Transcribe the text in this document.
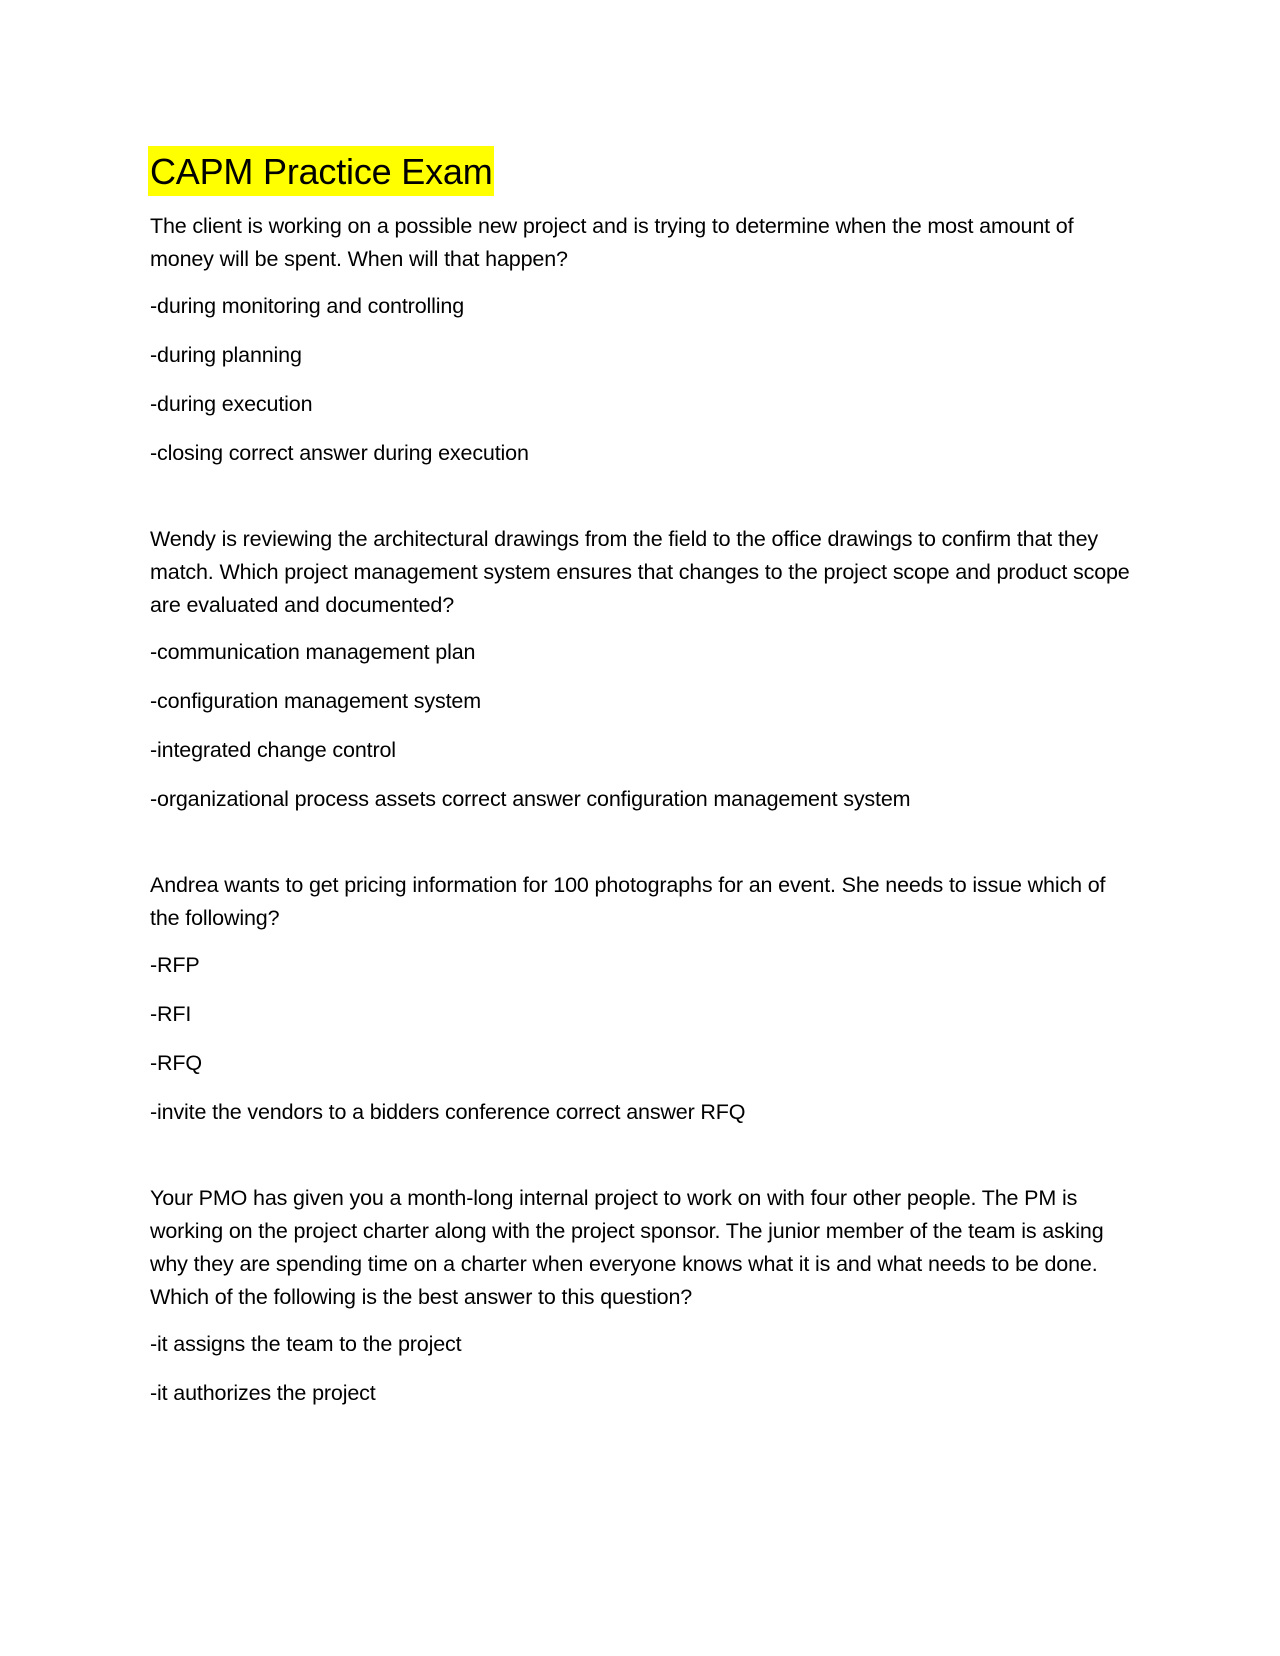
CAPM Practice Exam

The client is working on a possible new project and is trying to determine when the most amount of money will be spent. When will that happen?

-during monitoring and controlling

-during planning

-during execution

-closing correct answer during execution

Wendy is reviewing the architectural drawings from the field to the office drawings to confirm that they match. Which project management system ensures that changes to the project scope and product scope are evaluated and documented?

-communication management plan

-configuration management system

-integrated change control

-organizational process assets correct answer configuration management system

Andrea wants to get pricing information for 100 photographs for an event. She needs to issue which of the following?

-RFP

-RFI

-RFQ

-invite the vendors to a bidders conference correct answer RFQ

Your PMO has given you a month-long internal project to work on with four other people. The PM is working on the project charter along with the project sponsor. The junior member of the team is asking why they are spending time on a charter when everyone knows what it is and what needs to be done. Which of the following is the best answer to this question?

-it assigns the team to the project

-it authorizes the project
